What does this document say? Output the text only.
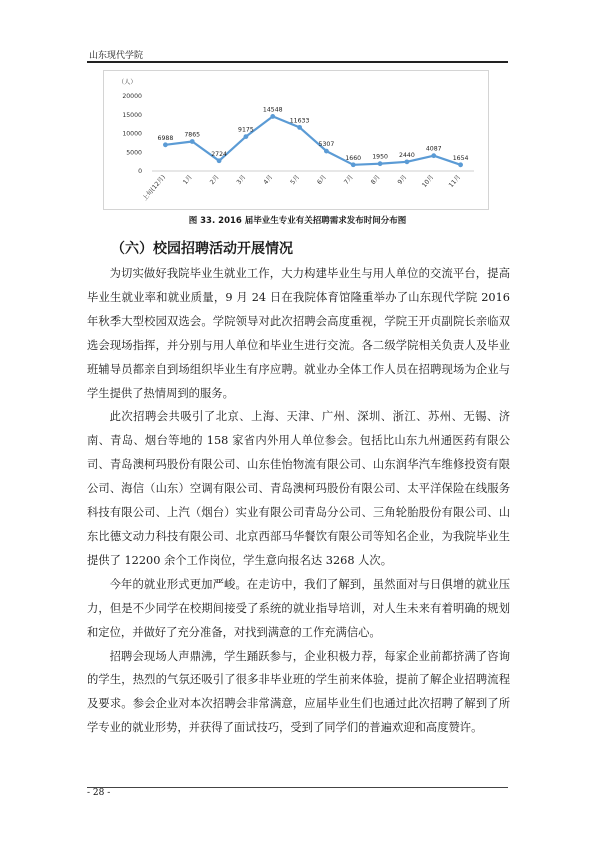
山东现代学院
（人）
0
5000
10000
15000
20000
6988 7865
2724
9175
14548
11633
5307
1660 1950 2440
4087
1654
上旬(12月) 1月 2月 3月 4月 5月 6月 7月 8月 9月 10月 11月
图 33. 2016 届毕业生专业有关招聘需求发布时间分布图
（六）校园招聘活动开展情况

为切实做好我院毕业生就业工作，大力构建毕业生与用人单位的交流平台，提高毕业生就业率和就业质量，9 月 24 日在我院体育馆隆重举办了山东现代学院 2016 年秋季大型校园双选会。学院领导对此次招聘会高度重视，学院王开贞副院长亲临双选会现场指挥，并分别与用人单位和毕业生进行交流。各二级学院相关负责人及毕业班辅导员都亲自到场组织毕业生有序应聘。就业办全体工作人员在招聘现场为企业与学生提供了热情周到的服务。

此次招聘会共吸引了北京、上海、天津、广州、深圳、浙江、苏州、无锡、济南、青岛、烟台等地的 158 家省内外用人单位参会。包括比山东九州通医药有限公司、青岛澳柯玛股份有限公司、山东佳怡物流有限公司、山东润华汽车维修投资有限公司、海信（山东）空调有限公司、青岛澳柯玛股份有限公司、太平洋保险在线服务科技有限公司、上汽（烟台）实业有限公司青岛分公司、三角轮胎股份有限公司、山东比德文动力科技有限公司、北京西部马华餐饮有限公司等知名企业，为我院毕业生提供了 12200 余个工作岗位，学生意向报名达 3268 人次。

今年的就业形式更加严峻。在走访中，我们了解到，虽然面对与日俱增的就业压力，但是不少同学在校期间接受了系统的就业指导培训，对人生未来有着明确的规划和定位，并做好了充分准备，对找到满意的工作充满信心。

招聘会现场人声鼎沸，学生踊跃参与，企业积极力荐，每家企业前都挤满了咨询的学生，热烈的气氛还吸引了很多非毕业班的学生前来体验，提前了解企业招聘流程及要求。参会企业对本次招聘会非常满意，应届毕业生们也通过此次招聘了解到了所学专业的就业形势，并获得了面试技巧，受到了同学们的普遍欢迎和高度赞许。

- 28 -
